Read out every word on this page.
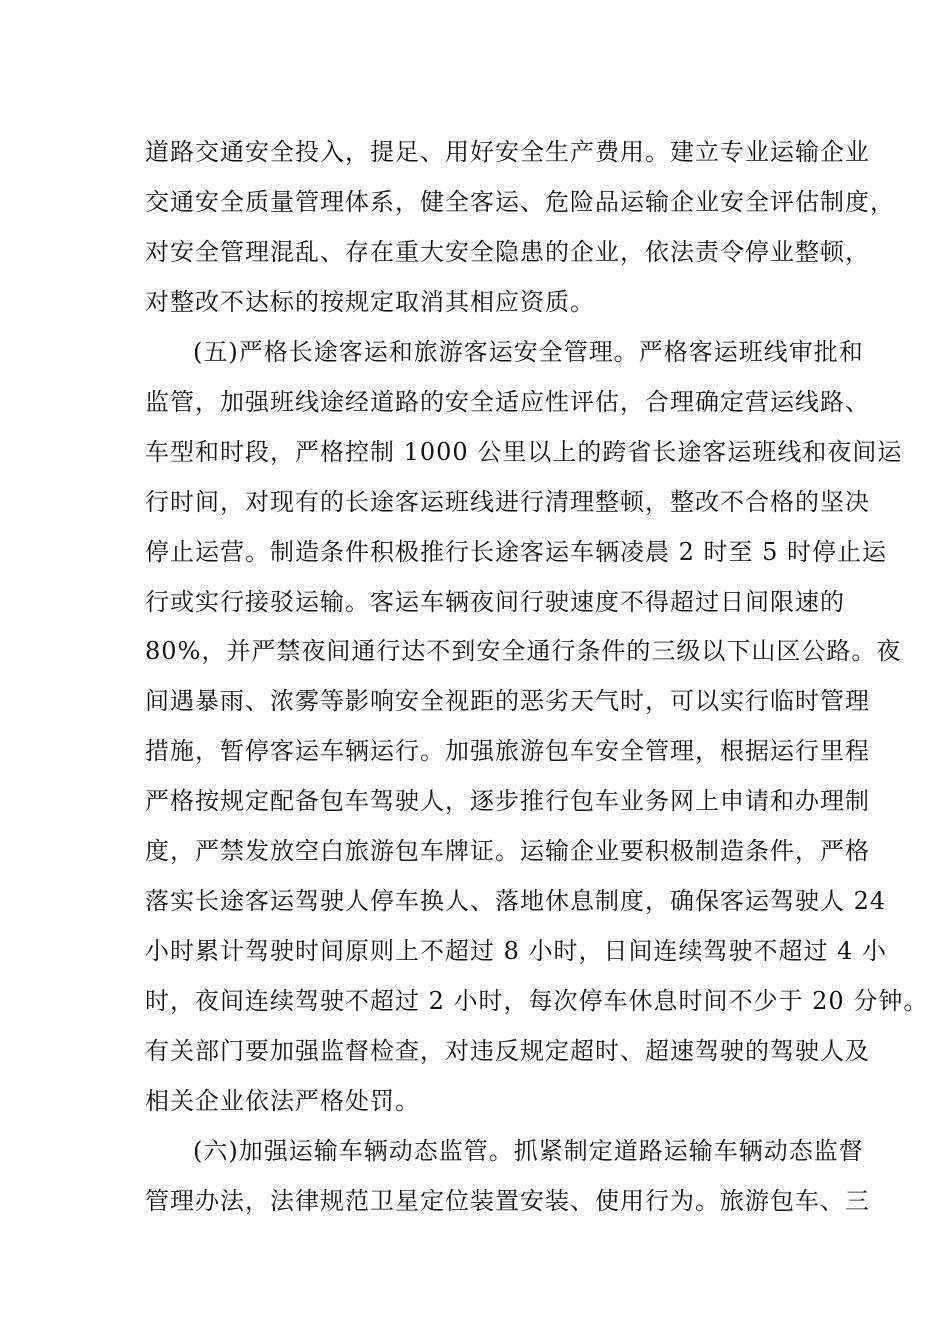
道路交通安全投入，提足、用好安全生产费用。建立专业运输企业
交通安全质量管理体系，健全客运、危险品运输企业安全评估制度，
对安全管理混乱、存在重大安全隐患的企业，依法责令停业整顿，
对整改不达标的按规定取消其相应资质。
(五)严格长途客运和旅游客运安全管理。严格客运班线审批和
监管，加强班线途经道路的安全适应性评估，合理确定营运线路、
车型和时段，严格控制 1000 公里以上的跨省长途客运班线和夜间运
行时间，对现有的长途客运班线进行清理整顿，整改不合格的坚决
停止运营。制造条件积极推行长途客运车辆凌晨 2 时至 5 时停止运
行或实行接驳运输。客运车辆夜间行驶速度不得超过日间限速的
80%，并严禁夜间通行达不到安全通行条件的三级以下山区公路。夜
间遇暴雨、浓雾等影响安全视距的恶劣天气时，可以实行临时管理
措施，暂停客运车辆运行。加强旅游包车安全管理，根据运行里程
严格按规定配备包车驾驶人，逐步推行包车业务网上申请和办理制
度，严禁发放空白旅游包车牌证。运输企业要积极制造条件，严格
落实长途客运驾驶人停车换人、落地休息制度，确保客运驾驶人 24
小时累计驾驶时间原则上不超过 8 小时，日间连续驾驶不超过 4 小
时，夜间连续驾驶不超过 2 小时，每次停车休息时间不少于 20 分钟。
有关部门要加强监督检查，对违反规定超时、超速驾驶的驾驶人及
相关企业依法严格处罚。
(六)加强运输车辆动态监管。抓紧制定道路运输车辆动态监督
管理办法，法律规范卫星定位装置安装、使用行为。旅游包车、三
